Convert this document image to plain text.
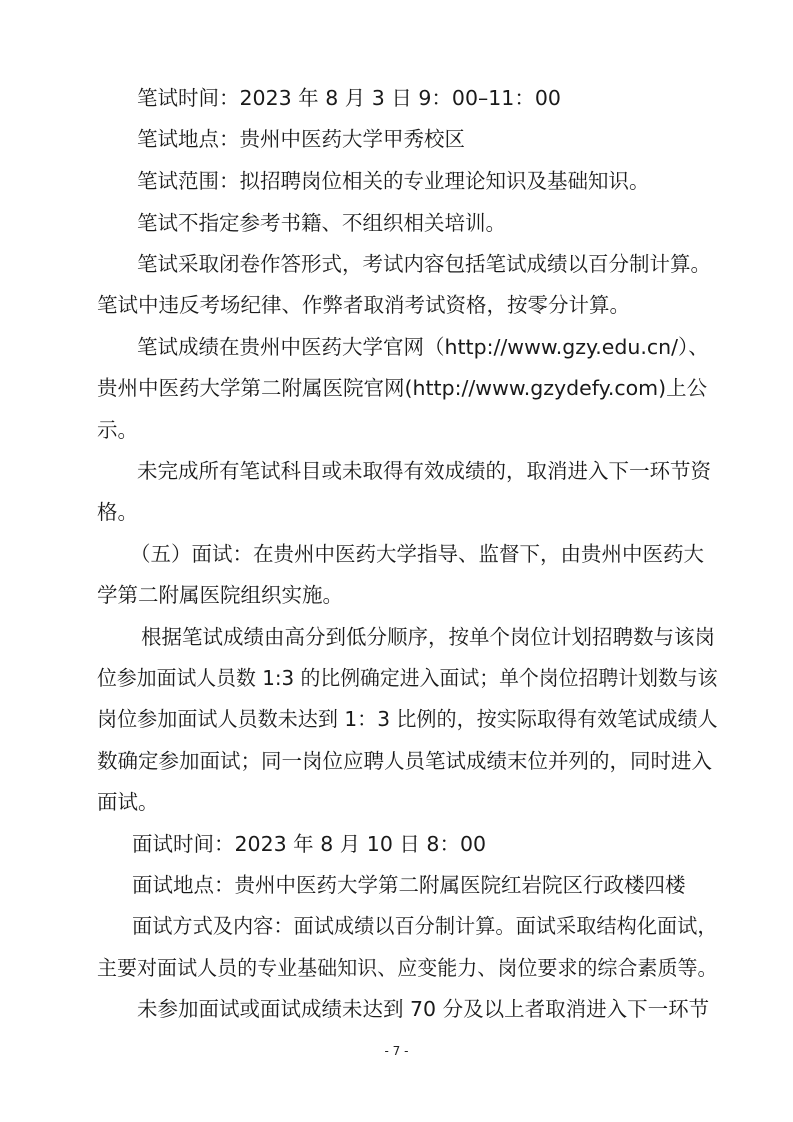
笔试时间：2023 年 8 月 3 日 9：00–11：00

笔试地点：贵州中医药大学甲秀校区

笔试范围：拟招聘岗位相关的专业理论知识及基础知识。

笔试不指定参考书籍、不组织相关培训。

笔试采取闭卷作答形式，考试内容包括笔试成绩以百分制计算。

笔试中违反考场纪律、作弊者取消考试资格，按零分计算。

笔试成绩在贵州中医药大学官网（http://www.gzy.edu.cn/）、

贵州中医药大学第二附属医院官网(http://www.gzydefy.com)上公

示。

未完成所有笔试科目或未取得有效成绩的，取消进入下一环节资

格。

（五）面试：在贵州中医药大学指导、监督下，由贵州中医药大

学第二附属医院组织实施。

根据笔试成绩由高分到低分顺序，按单个岗位计划招聘数与该岗

位参加面试人员数 1:3 的比例确定进入面试；单个岗位招聘计划数与该

岗位参加面试人员数未达到 1：3 比例的，按实际取得有效笔试成绩人

数确定参加面试；同一岗位应聘人员笔试成绩末位并列的，同时进入

面试。

面试时间：2023 年 8 月 10 日 8：00

面试地点：贵州中医药大学第二附属医院红岩院区行政楼四楼

面试方式及内容：面试成绩以百分制计算。面试采取结构化面试，

主要对面试人员的专业基础知识、应变能力、岗位要求的综合素质等。

未参加面试或面试成绩未达到 70 分及以上者取消进入下一环节

- 7 -
